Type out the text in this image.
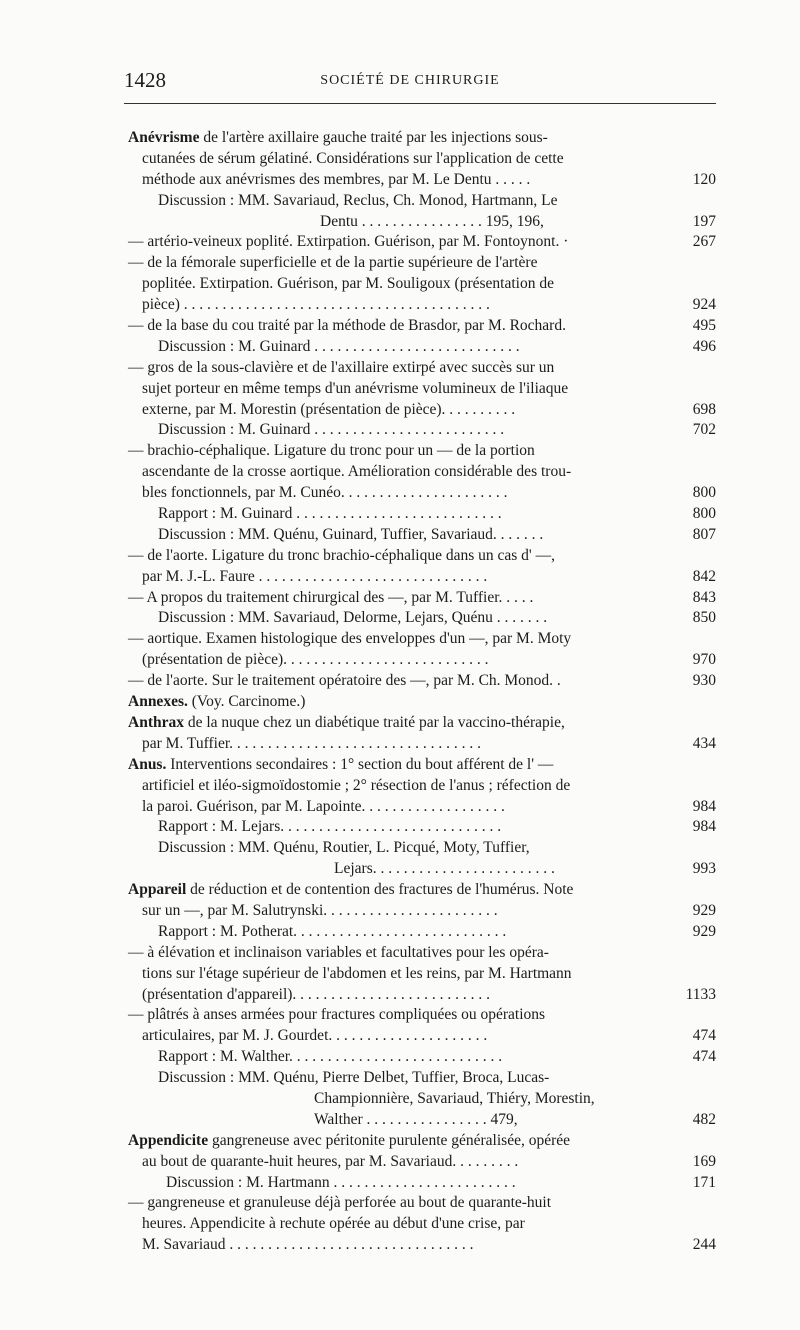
1428	SOCIÉTÉ DE CHIRURGIE
Anévrisme de l'artère axillaire gauche traité par les injections sous-
cutanées de sérum gélatiné. Considérations sur l'application de cette
méthode aux anévrismes des membres, par M. Le Dentu . . . . .	120
Discussion : MM. Savariaud, Reclus, Ch. Monod, Hartmann, Le
Dentu . . . . . . . . . . . . . . . . 195, 196,	197
— artério-veineux poplité. Extirpation. Guérison, par M. Fontoynont. ·	267
— de la fémorale superficielle et de la partie supérieure de l'artère
poplitée. Extirpation. Guérison, par M. Souligoux (présentation de
pièce) . . . . . . . . . . . . . . . . . . . . . . . . . . . . . . . . . . . . . . . .	924
— de la base du cou traité par la méthode de Brasdor, par M. Rochard.	495
Discussion : M. Guinard . . . . . . . . . . . . . . . . . . . . . . . . . . .	496
— gros de la sous-clavière et de l'axillaire extirpé avec succès sur un
sujet porteur en même temps d'un anévrisme volumineux de l'iliaque
externe, par M. Morestin (présentation de pièce). . . . . . . . . .	698
Discussion : M. Guinard . . . . . . . . . . . . . . . . . . . . . . . . .	702
— brachio-céphalique. Ligature du tronc pour un — de la portion
ascendante de la crosse aortique. Amélioration considérable des trou-
bles fonctionnels, par M. Cunéo. . . . . . . . . . . . . . . . . . . . . .	800
Rapport : M. Guinard . . . . . . . . . . . . . . . . . . . . . . . . . . .	800
Discussion : MM. Quénu, Guinard, Tuffier, Savariaud. . . . . . .	807
— de l'aorte. Ligature du tronc brachio-céphalique dans un cas d' —,
par M. J.-L. Faure . . . . . . . . . . . . . . . . . . . . . . . . . . . . . .	842
— A propos du traitement chirurgical des —, par M. Tuffier. . . . .	843
Discussion : MM. Savariaud, Delorme, Lejars, Quénu . . . . . . .	850
— aortique. Examen histologique des enveloppes d'un —, par M. Moty
(présentation de pièce). . . . . . . . . . . . . . . . . . . . . . . . . . .	970
— de l'aorte. Sur le traitement opératoire des —, par M. Ch. Monod. .	930
Annexes. (Voy. Carcinome.)
Anthrax de la nuque chez un diabétique traité par la vaccino-thérapie,
par M. Tuffier. . . . . . . . . . . . . . . . . . . . . . . . . . . . . . . . .	434
Anus. Interventions secondaires : 1° section du bout afférent de l' —
artificiel et iléo-sigmoïdostomie ; 2° résection de l'anus ; réfection de
la paroi. Guérison, par M. Lapointe. . . . . . . . . . . . . . . . . . .	984
Rapport : M. Lejars. . . . . . . . . . . . . . . . . . . . . . . . . . . . .	984
Discussion : MM. Quénu, Routier, L. Picqué, Moty, Tuffier,
Lejars. . . . . . . . . . . . . . . . . . . . . . . .	993
Appareil de réduction et de contention des fractures de l'humérus. Note
sur un —, par M. Salutrynski. . . . . . . . . . . . . . . . . . . . . . .	929
Rapport : M. Potherat. . . . . . . . . . . . . . . . . . . . . . . . . . . .	929
— à élévation et inclinaison variables et facultatives pour les opéra-
tions sur l'étage supérieur de l'abdomen et les reins, par M. Hartmann
(présentation d'appareil). . . . . . . . . . . . . . . . . . . . . . . . . .	1133
— plâtrés à anses armées pour fractures compliquées ou opérations
articulaires, par M. J. Gourdet. . . . . . . . . . . . . . . . . . . . .	474
Rapport : M. Walther. . . . . . . . . . . . . . . . . . . . . . . . . . . .	474
Discussion : MM. Quénu, Pierre Delbet, Tuffier, Broca, Lucas-
Championnière, Savariaud, Thiéry, Morestin,
Walther . . . . . . . . . . . . . . . . 479,	482
Appendicite gangreneuse avec péritonite purulente généralisée, opérée
au bout de quarante-huit heures, par M. Savariaud. . . . . . . . .	169
Discussion : M. Hartmann . . . . . . . . . . . . . . . . . . . . . . . .	171
— gangreneuse et granuleuse déjà perforée au bout de quarante-huit
heures. Appendicite à rechute opérée au début d'une crise, par
M. Savariaud . . . . . . . . . . . . . . . . . . . . . . . . . . . . . . . .	244
